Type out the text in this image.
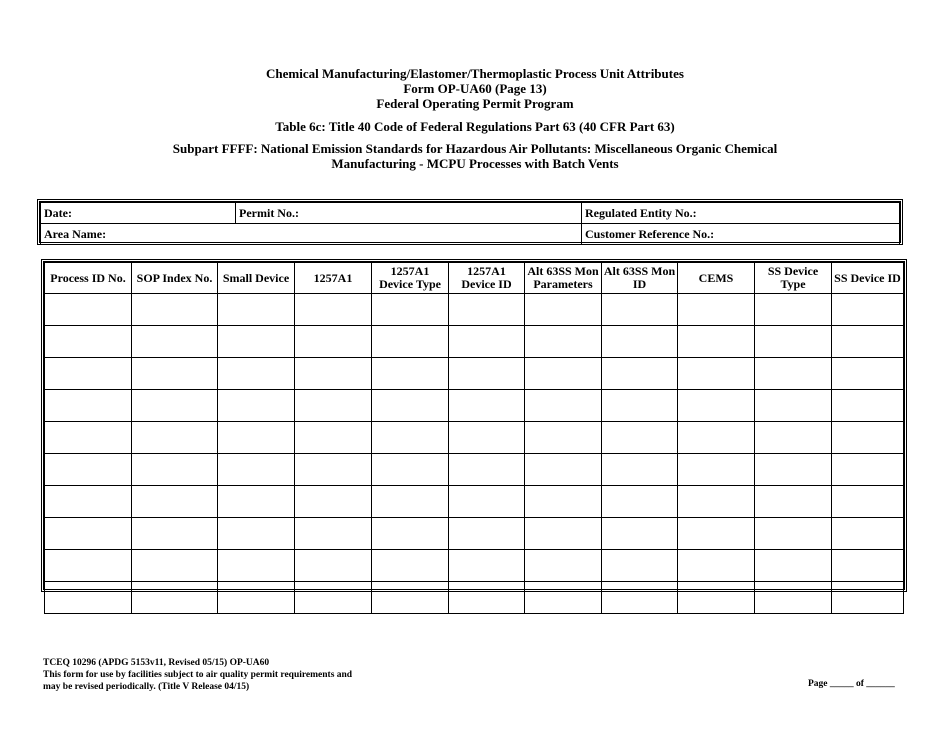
Chemical Manufacturing/Elastomer/Thermoplastic Process Unit Attributes
Form OP-UA60 (Page 13)
Federal Operating Permit Program
Table 6c: Title 40 Code of Federal Regulations Part 63 (40 CFR Part 63)
Subpart FFFF: National Emission Standards for Hazardous Air Pollutants: Miscellaneous Organic Chemical
Manufacturing - MCPU Processes with Batch Vents
Date:	Permit No.:	Regulated Entity No.:
Area Name:		Customer Reference No.:
Process ID No.	SOP Index No.	Small Device	1257A1	1257A1 Device Type	1257A1 Device ID	Alt 63SS Mon Parameters	Alt 63SS Mon ID	CEMS	SS Device Type	SS Device ID

TCEQ 10296 (APDG 5153v11, Revised 05/15) OP-UA60
This form for use by facilities subject to air quality permit requirements and
may be revised periodically. (Title V Release 04/15)	Page _____ of ______
